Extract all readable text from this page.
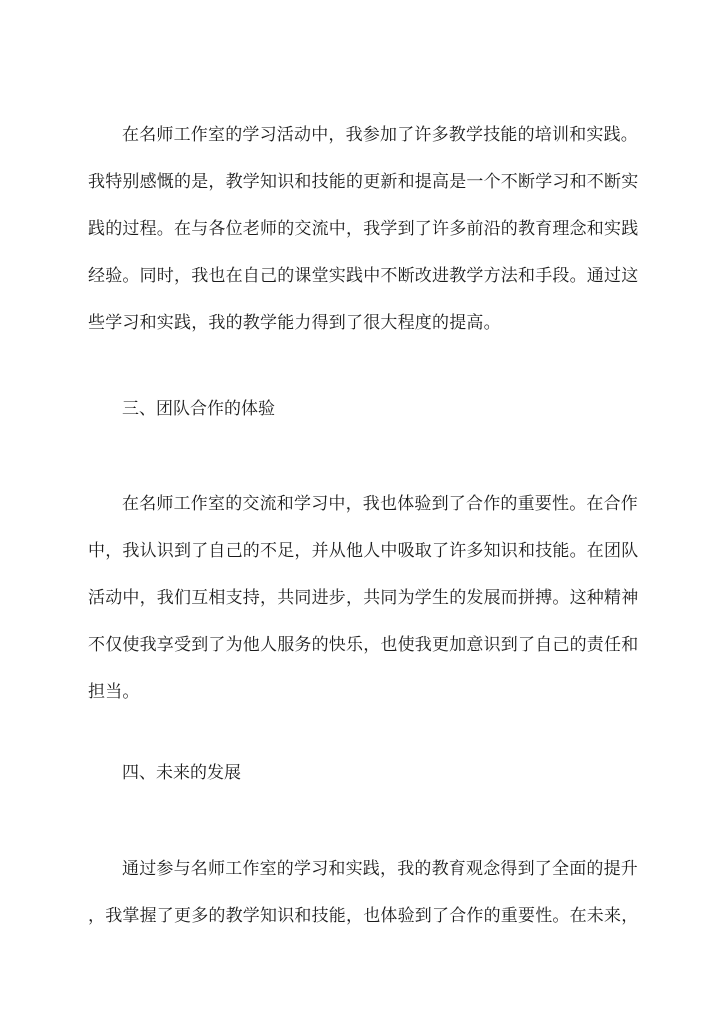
在名师工作室的学习活动中，我参加了许多教学技能的培训和实践。
我特别感慨的是，教学知识和技能的更新和提高是一个不断学习和不断实
践的过程。在与各位老师的交流中，我学到了许多前沿的教育理念和实践
经验。同时，我也在自己的课堂实践中不断改进教学方法和手段。通过这
些学习和实践，我的教学能力得到了很大程度的提高。
三、团队合作的体验
在名师工作室的交流和学习中，我也体验到了合作的重要性。在合作
中，我认识到了自己的不足，并从他人中吸取了许多知识和技能。在团队
活动中，我们互相支持，共同进步，共同为学生的发展而拼搏。这种精神
不仅使我享受到了为他人服务的快乐，也使我更加意识到了自己的责任和
担当。
四、未来的发展
通过参与名师工作室的学习和实践，我的教育观念得到了全面的提升
，我掌握了更多的教学知识和技能，也体验到了合作的重要性。在未来，
